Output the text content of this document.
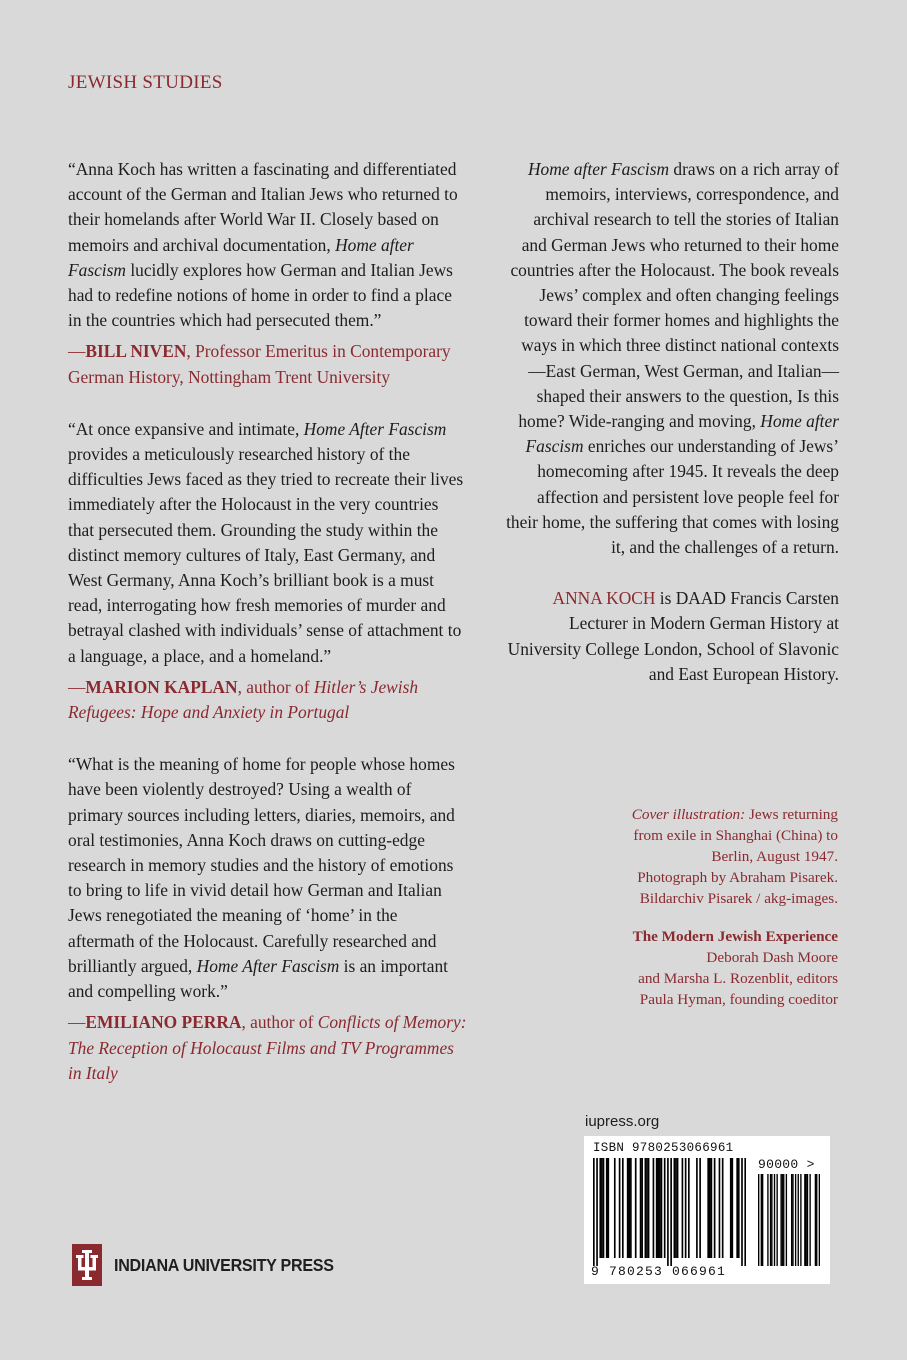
JEWISH STUDIES

“Anna Koch has written a fascinating and differentiated account of the German and Italian Jews who returned to their homelands after World War II. Closely based on memoirs and archival documentation, Home after Fascism lucidly explores how German and Italian Jews had to redefine notions of home in order to find a place in the countries which had persecuted them.”

—BILL NIVEN, Professor Emeritus in Contemporary German History, Nottingham Trent University

“At once expansive and intimate, Home After Fascism provides a meticulously researched history of the difficulties Jews faced as they tried to recreate their lives immediately after the Holocaust in the very countries that persecuted them. Grounding the study within the distinct memory cultures of Italy, East Germany, and West Germany, Anna Koch’s brilliant book is a must read, interrogating how fresh memories of murder and betrayal clashed with individuals’ sense of attachment to a language, a place, and a homeland.”

—MARION KAPLAN, author of Hitler’s Jewish Refugees: Hope and Anxiety in Portugal

“What is the meaning of home for people whose homes have been violently destroyed? Using a wealth of primary sources including letters, diaries, memoirs, and oral testimonies, Anna Koch draws on cutting-edge research in memory studies and the history of emotions to bring to life in vivid detail how German and Italian Jews renegotiated the meaning of ‘home’ in the aftermath of the Holocaust. Carefully researched and brilliantly argued, Home After Fascism is an important and compelling work.”

—EMILIANO PERRA, author of Conflicts of Memory: The Reception of Holocaust Films and TV Programmes in Italy

Home after Fascism draws on a rich array of memoirs, interviews, correspondence, and archival research to tell the stories of Italian and German Jews who returned to their home countries after the Holocaust. The book reveals Jews’ complex and often changing feelings toward their former homes and highlights the ways in which three distinct national contexts—East German, West German, and Italian—shaped their answers to the question, Is this home? Wide-ranging and moving, Home after Fascism enriches our understanding of Jews’ homecoming after 1945. It reveals the deep affection and persistent love people feel for their home, the suffering that comes with losing it, and the challenges of a return.

ANNA KOCH is DAAD Francis Carsten Lecturer in Modern German History at University College London, School of Slavonic and East European History.

Cover illustration: Jews returning
from exile in Shanghai (China) to
Berlin, August 1947.
Photograph by Abraham Pisarek.
Bildarchiv Pisarek / akg-images.

The Modern Jewish Experience
Deborah Dash Moore
and Marsha L. Rozenblit, editors
Paula Hyman, founding coeditor

INDIANA UNIVERSITY PRESS
iupress.org
ISBN 9780253066961
90000 >
9 780253 066961
